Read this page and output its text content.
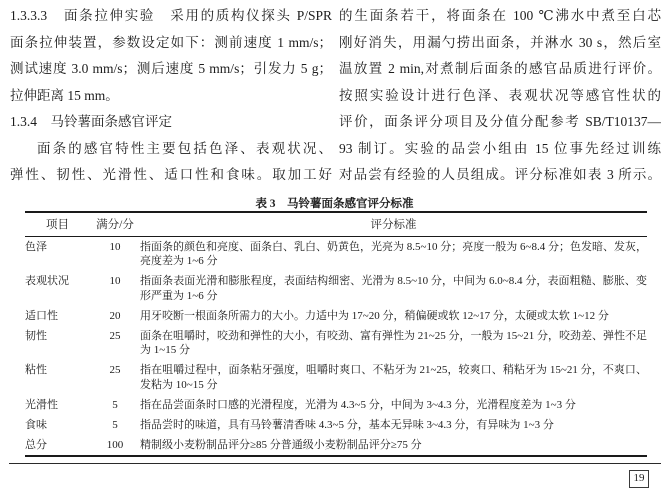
1.3.3.3　面条拉伸实验　采用的质构仪探头 P/SPR
面条拉伸装置，参数设定如下：测前速度 1 mm/s；
测试速度 3.0 mm/s；测后速度 5 mm/s；引发力 5 g；
拉伸距离 15 mm。
1.3.4　马铃薯面条感官评定
面条的感官特性主要包括色泽、表观状况、
弹性、韧性、光滑性、适口性和食味。取加工好
的生面条若干，将面条在 100 ℃沸水中煮至白芯
刚好消失，用漏勺捞出面条，并淋水 30 s，然后室
温放置 2 min,对煮制后面条的感官品质进行评价。
按照实验设计进行色泽、表观状况等感官性状的
评价，面条评分项目及分值分配参考 SB/T10137—
93 制订。实验的品尝小组由 15 位事先经过训练
对品尝有经验的人员组成。评分标准如表 3 所示。
表 3　马铃薯面条感官评分标准
项目	满分/分	评分标准
色泽	10	指面条的颜色和亮度、面条白、乳白、奶黄色，光亮为 8.5~10 分；亮度一般为 6~8.4 分；色发暗、发灰，亮度差为 1~6 分
表观状况	10	指面条表面光滑和膨胀程度，表面结构细密、光滑为 8.5~10 分，中间为 6.0~8.4 分，表面粗糙、膨胀、变形严重为 1~6 分
适口性	20	用牙咬断一根面条所需力的大小。力适中为 17~20 分，稍偏硬或软 12~17 分，太硬或太软 1~12 分
韧性	25	面条在咀嚼时，咬劲和弹性的大小，有咬劲、富有弹性为 21~25 分，一般为 15~21 分，咬劲差、弹性不足为 1~15 分
粘性	25	指在咀嚼过程中，面条粘牙强度，咀嚼时爽口、不粘牙为 21~25，较爽口、稍粘牙为 15~21 分，不爽口、发粘为 10~15 分
光滑性	5	指在品尝面条时口感的光滑程度，光滑为 4.3~5 分，中间为 3~4.3 分，光滑程度差为 1~3 分
食味	5	指品尝时的味道，具有马铃薯清香味 4.3~5 分，基本无异味 3~4.3 分，有异味为 1~3 分
总分	100	精制级小麦粉制品评分≥85 分普通级小麦粉制品评分≥75 分
19
